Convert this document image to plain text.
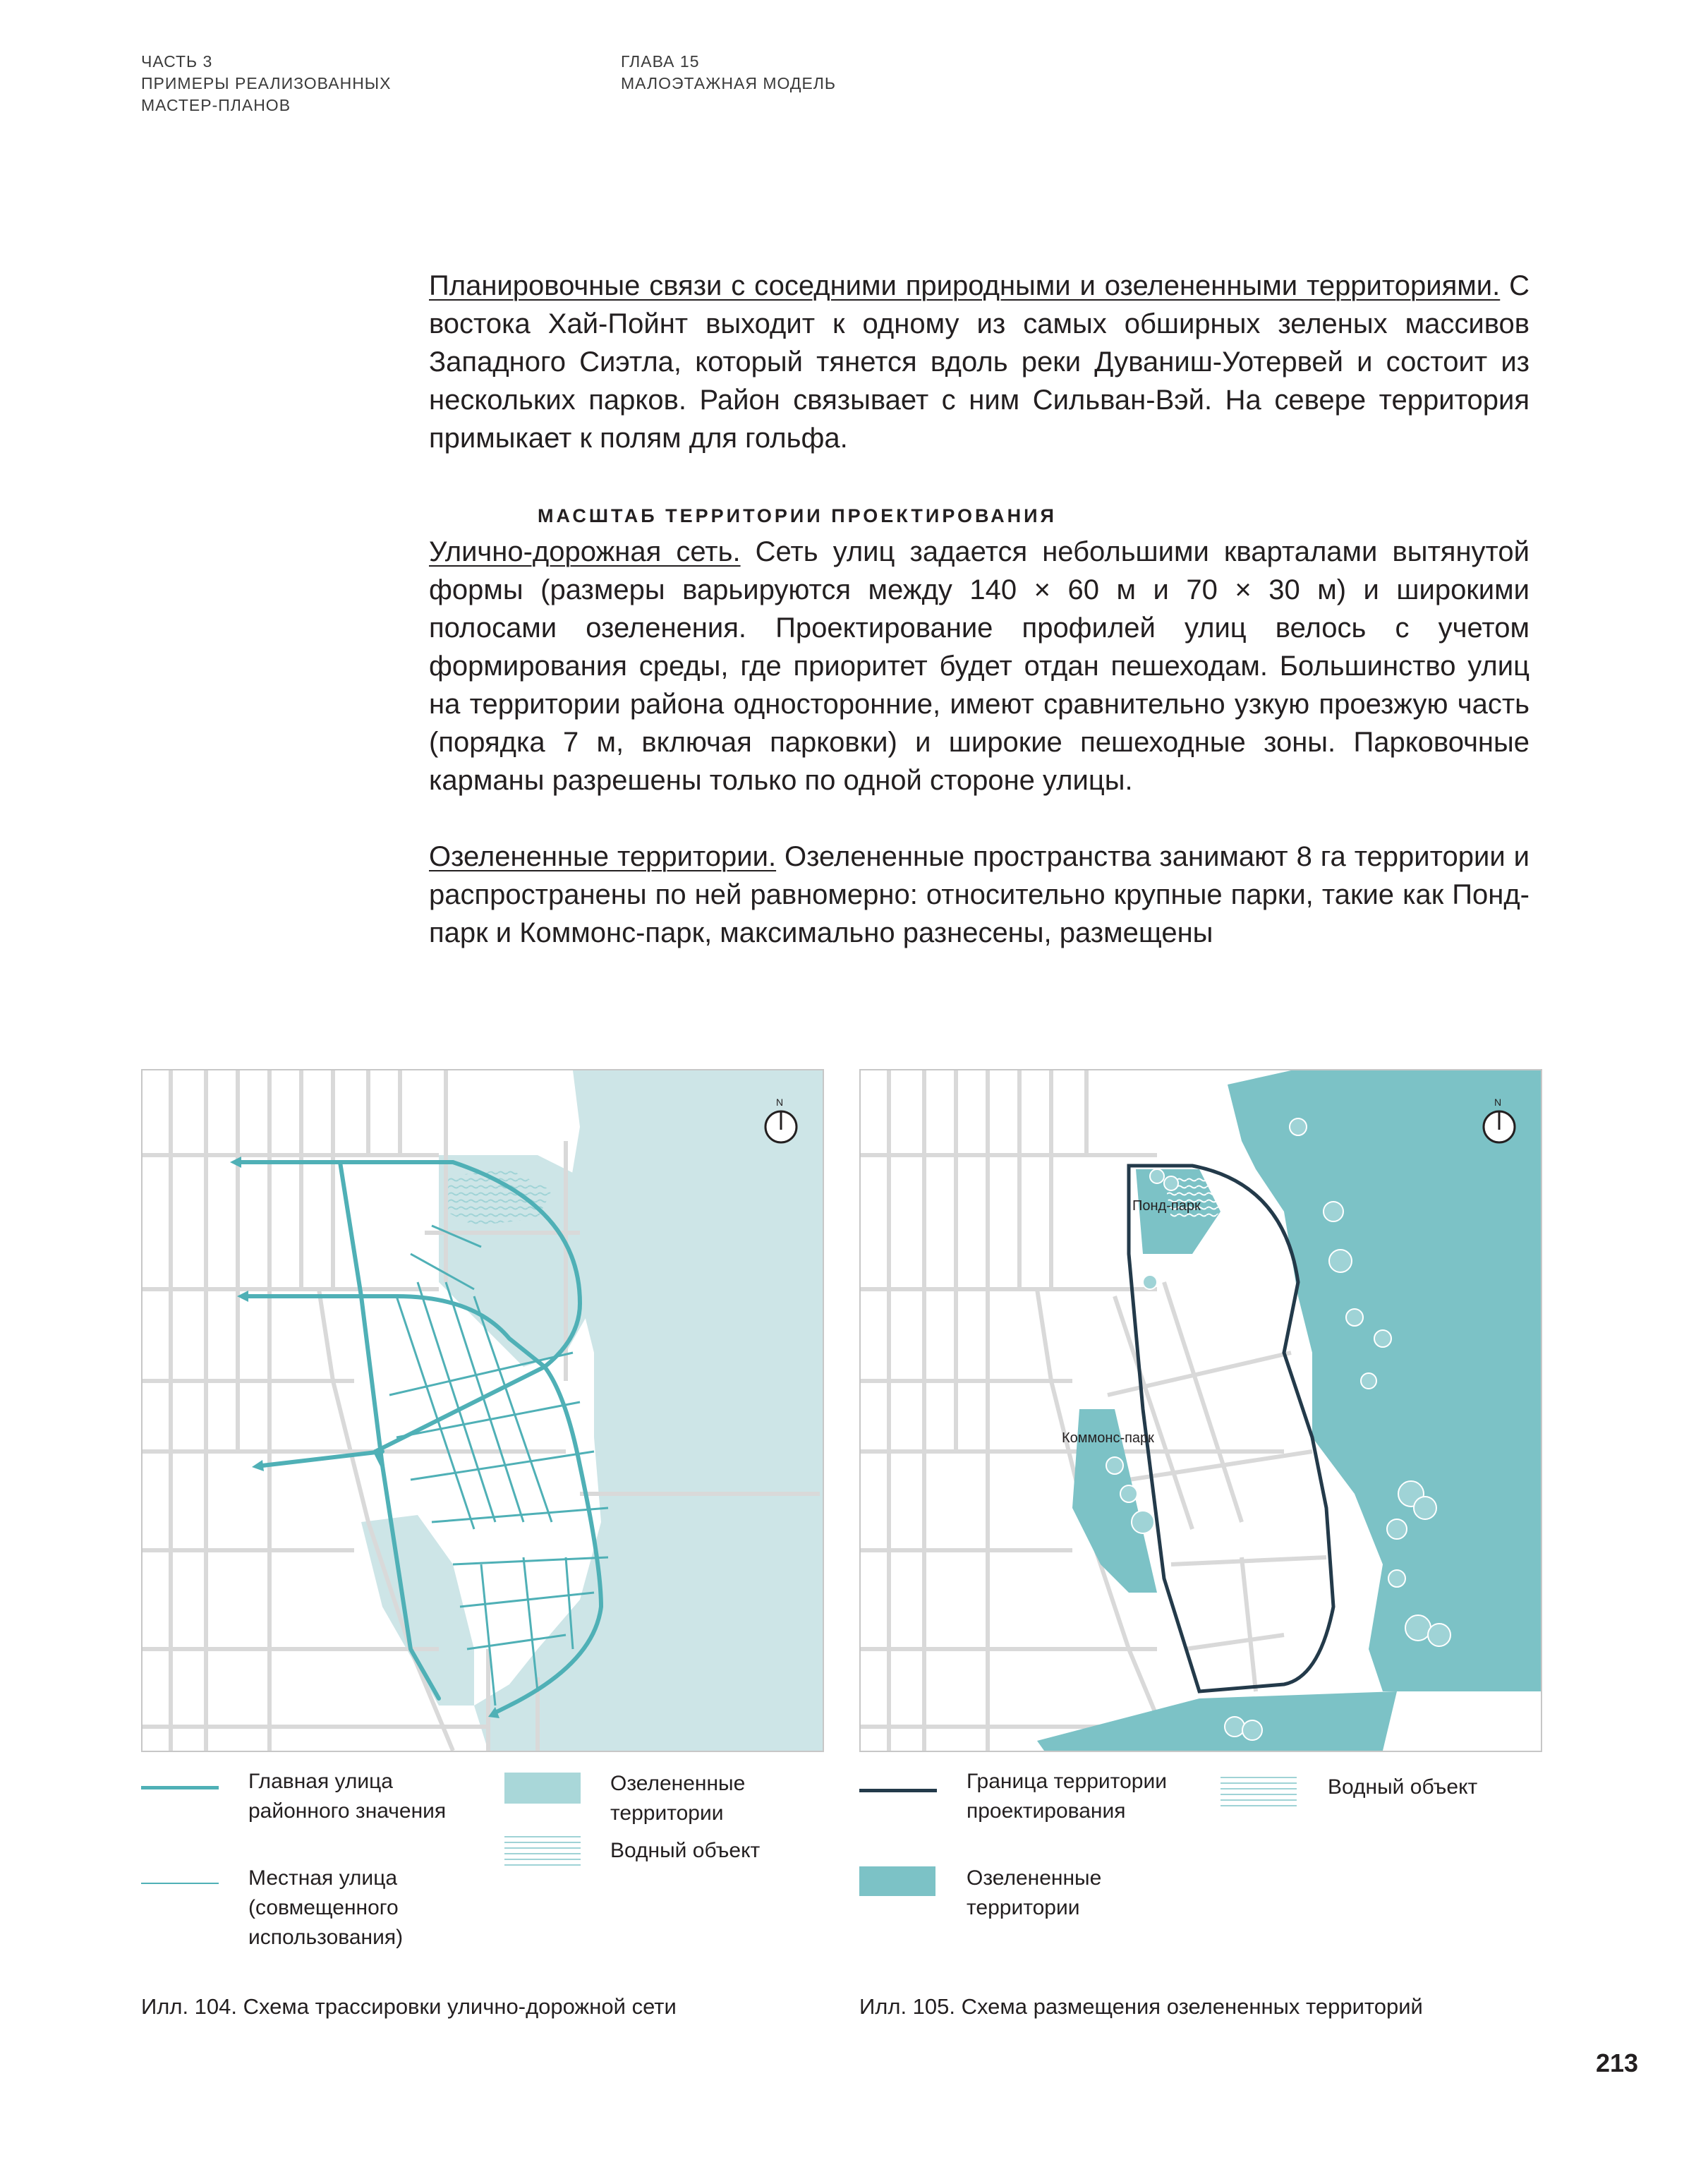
ЧАСТЬ 3
ПРИМЕРЫ РЕАЛИЗОВАННЫХ
МАСТЕР-ПЛАНОВ
ГЛАВА 15
МАЛОЭТАЖНАЯ МОДЕЛЬ

Планировочные связи с соседними природными и озелененными территориями. С востока Хай-Пойнт выходит к одному из самых обширных зеленых массивов Западного Сиэтла, который тянется вдоль реки Дуваниш-Уотервей и состоит из нескольких парков. Район связывает с ним Сильван-Вэй. На севере территория примыкает к полям для гольфа.

МАСШТАБ ТЕРРИТОРИИ ПРОЕКТИРОВАНИЯ

Улично-дорожная сеть. Сеть улиц задается небольшими кварталами вытянутой формы (размеры варьируются между 140 × 60 м и 70 × 30 м) и широкими полосами озеленения. Проектирование профилей улиц велось с учетом формирования среды, где приоритет будет отдан пешеходам. Большинство улиц на территории района односторонние, имеют сравнительно узкую проезжую часть (порядка 7 м, включая парковки) и широкие пешеходные зоны. Парковочные карманы разрешены только по одной стороне улицы.

Озелененные территории. Озелененные пространства занимают 8 га территории и распространены по ней равномерно: относительно крупные парки, такие как Понд-парк и Коммонс-парк, максимально разнесены, размещены

N	N
Понд-парк
Коммонс-парк
Главная улица районного значения
Местная улица (совмещенного использования)
Озелененные территории
Водный объект
Граница территории проектирования
Озелененные территории
Водный объект
Илл. 104. Схема трассировки улично-дорожной сети	Илл. 105. Схема размещения озелененных территорий
213
